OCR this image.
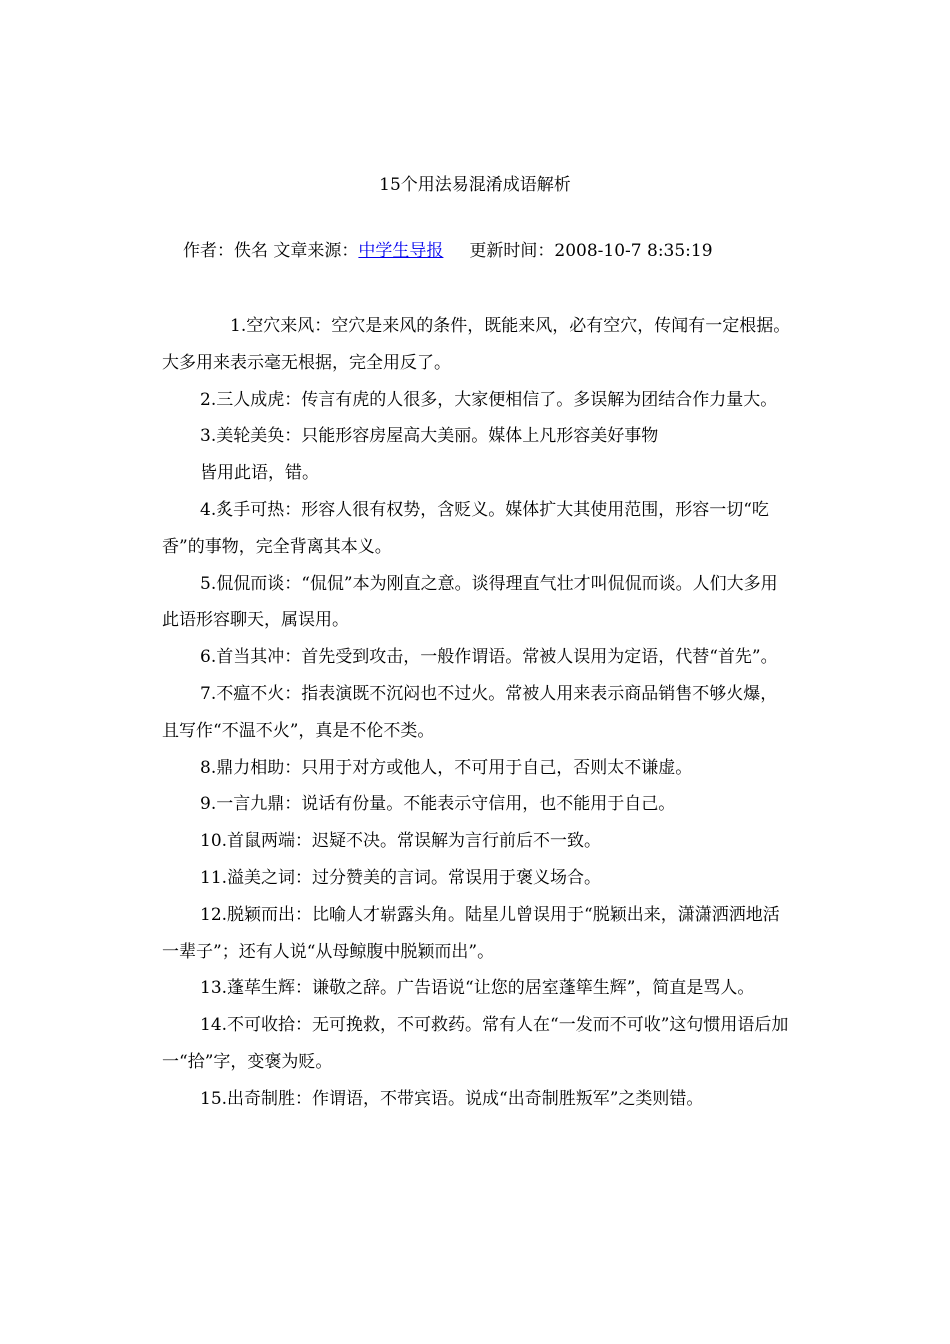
15个用法易混淆成语解析
作者：佚名 文章来源：中学生导报 更新时间：2008-10-7 8:35:19

1.空穴来风：空穴是来风的条件，既能来风，必有空穴，传闻有一定根据。大多用来表示毫无根据，完全用反了。

2.三人成虎：传言有虎的人很多，大家便相信了。多误解为团结合作力量大。

3.美轮美奂：只能形容房屋高大美丽。媒体上凡形容美好事物
皆用此语，错。

4.炙手可热：形容人很有权势，含贬义。媒体扩大其使用范围，形容一切“吃香”的事物，完全背离其本义。

5.侃侃而谈：“侃侃”本为刚直之意。谈得理直气壮才叫侃侃而谈。人们大多用此语形容聊天，属误用。

6.首当其冲：首先受到攻击，一般作谓语。常被人误用为定语，代替“首先”。

7.不瘟不火：指表演既不沉闷也不过火。常被人用来表示商品销售不够火爆，且写作“不温不火”，真是不伦不类。

8.鼎力相助：只用于对方或他人，不可用于自己，否则太不谦虚。

9.一言九鼎：说话有份量。不能表示守信用，也不能用于自己。

10.首鼠两端：迟疑不决。常误解为言行前后不一致。

11.溢美之词：过分赞美的言词。常误用于褒义场合。

12.脱颖而出：比喻人才崭露头角。陆星儿曾误用于“脱颖出来，潇潇洒洒地活一辈子”；还有人说“从母鲸腹中脱颖而出”。

13.蓬荜生辉：谦敬之辞。广告语说“让您的居室蓬筚生辉”，简直是骂人。

14.不可收拾：无可挽救，不可救药。常有人在“一发而不可收”这句惯用语后加一“拾”字，变褒为贬。

15.出奇制胜：作谓语，不带宾语。说成“出奇制胜叛军”之类则错。
